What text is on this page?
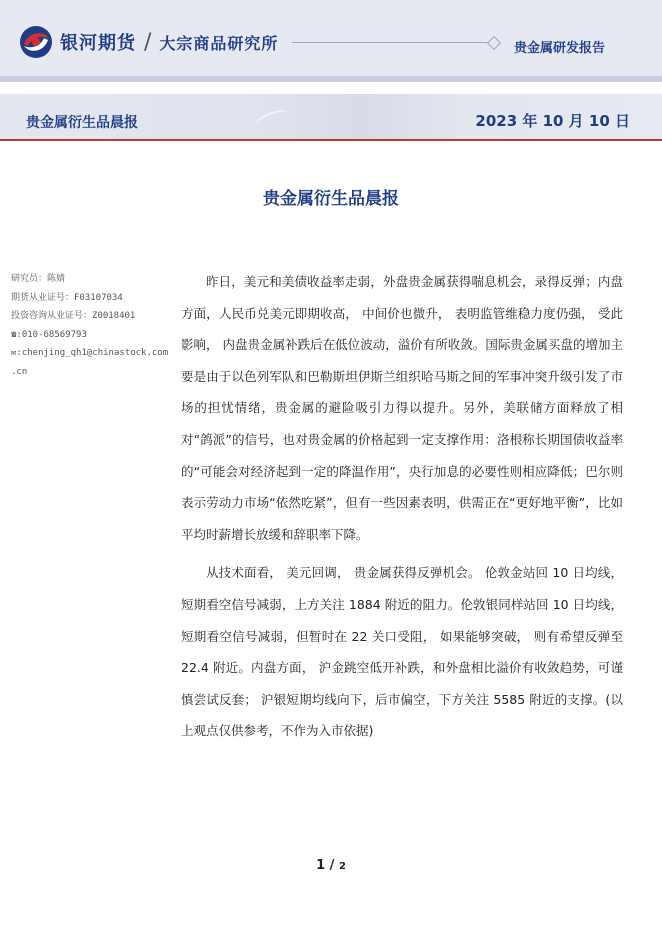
银河期货 / 大宗商品研究所	贵金属研发报告
贵金属衍生品晨报	2023 年 10 月 10 日
贵金属衍生品晨报
研究员：陈婧
期货从业证号：F03107034
投资咨询从业证号：Z0018401
☎:010-68569793
✉:chenjing_qh1@chinastock.com
.cn

昨日，美元和美债收益率走弱，外盘贵金属获得喘息机会，录得反弹；内盘方面，人民币兑美元即期收高， 中间价也微升， 表明监管维稳力度仍强， 受此影响， 内盘贵金属补跌后在低位波动，溢价有所收敛。国际贵金属买盘的增加主要是由于以色列军队和巴勒斯坦伊斯兰组织哈马斯之间的军事冲突升级引发了市场的担忧情绪，贵金属的避险吸引力得以提升。另外，美联储方面释放了相对“鸽派”的信号，也对贵金属的价格起到一定支撑作用：洛根称长期国债收益率的“可能会对经济起到一定的降温作用”，央行加息的必要性则相应降低；巴尔则表示劳动力市场“依然吃紧”，但有一些因素表明，供需正在“更好地平衡”，比如平均时薪增长放缓和辞职率下降。

从技术面看， 美元回调， 贵金属获得反弹机会。 伦敦金站回 10 日均线，短期看空信号减弱，上方关注 1884 附近的阻力。伦敦银同样站回 10 日均线，短期看空信号减弱，但暂时在 22 关口受阻， 如果能够突破， 则有希望反弹至22.4 附近。内盘方面， 沪金跳空低开补跌，和外盘相比溢价有收敛趋势，可谨慎尝试反套； 沪银短期均线向下，后市偏空，下方关注 5585 附近的支撑。(以上观点仅供参考，不作为入市依据)

1 / 2
